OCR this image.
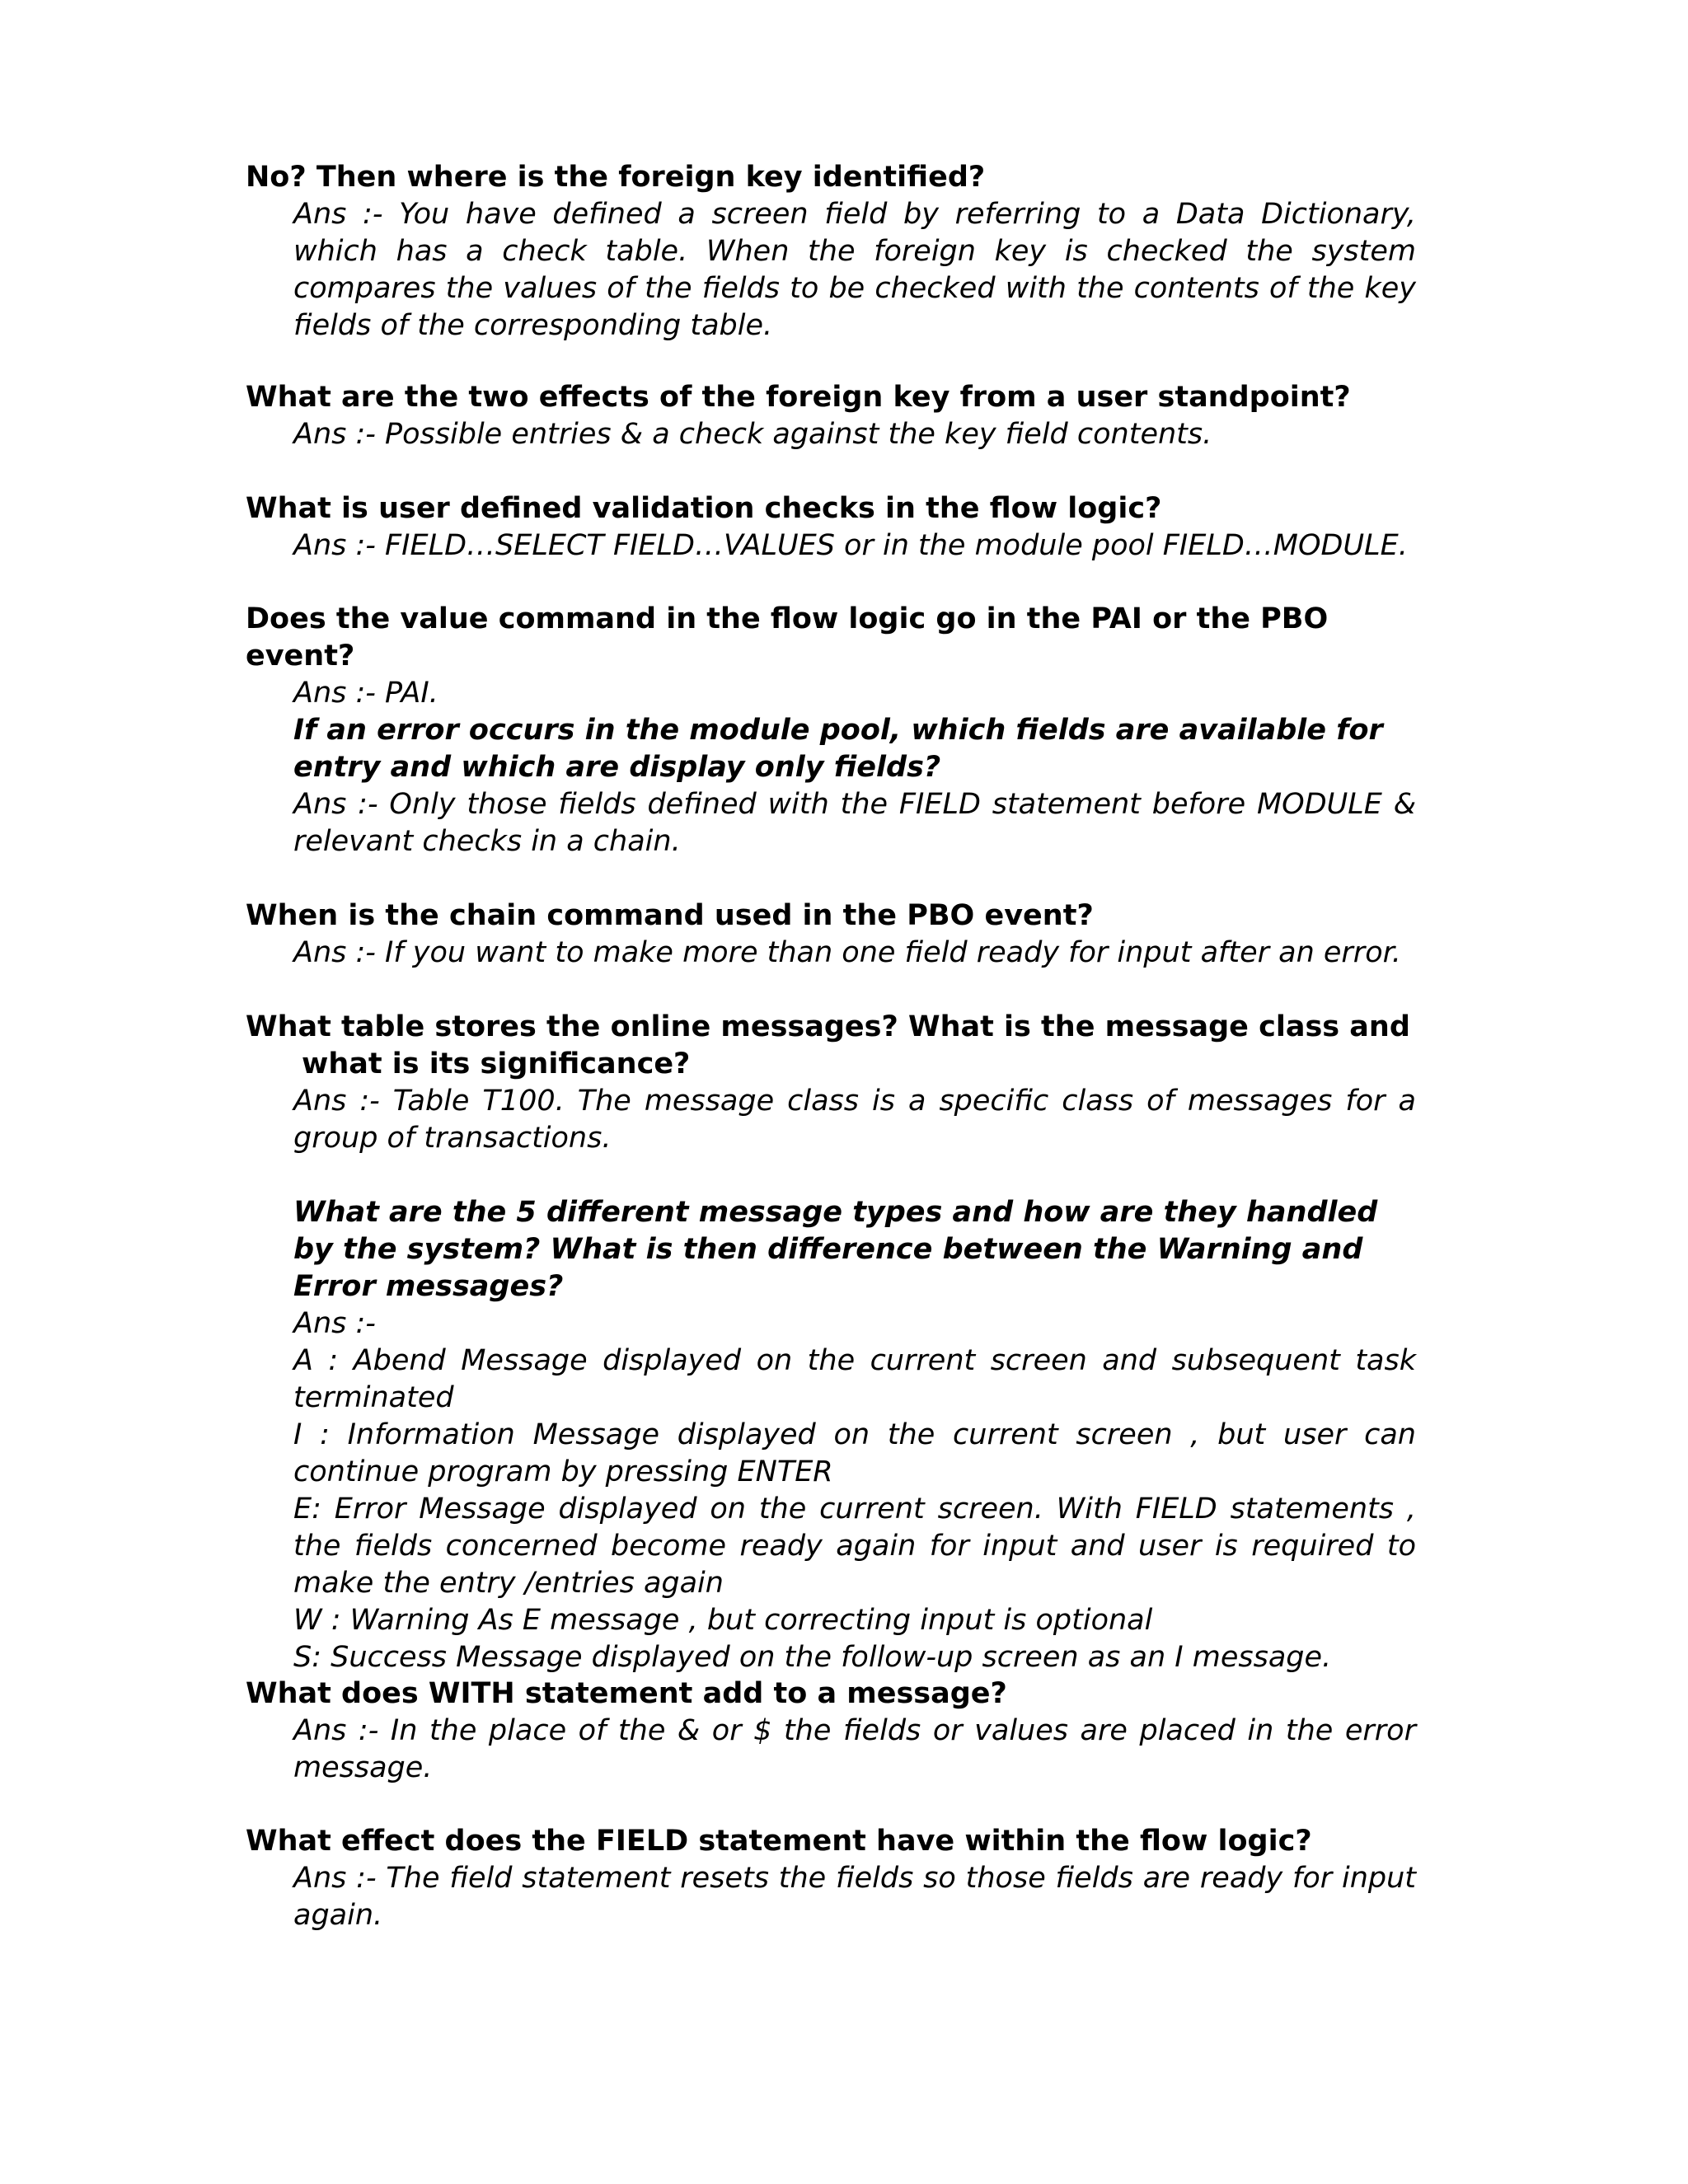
No? Then where is the foreign key identified?

Ans :- You have defined a screen field by referring to a Data Dictionary, which has a check table. When the foreign key is checked the system compares the values of the fields to be checked with the contents of the key fields of the corresponding table.

What are the two effects of the foreign key from a user standpoint?

Ans :- Possible entries & a check against the key field contents.

What is user defined validation checks in the flow logic?

Ans :- FIELD…SELECT FIELD…VALUES or in the module pool FIELD…MODULE.

Does the value command in the flow logic go in the PAI or the PBO event?

Ans :- PAI.

If an error occurs in the module pool, which fields are available for entry and which are display only fields?

Ans :- Only those fields defined with the FIELD statement before MODULE & relevant checks in a chain.

When is the chain command used in the PBO event?

Ans :- If you want to make more than one field ready for input after an error.

What table stores the online messages? What is the message class and what is its significance?

Ans :- Table T100. The message class is a specific class of messages for a group of transactions.

What are the 5 different message types and how are they handled by the system? What is then difference between the Warning and Error messages?

Ans :-
A : Abend Message displayed on the current screen and subsequent task terminated
I : Information Message displayed on the current screen , but user can continue program by pressing ENTER
E: Error Message displayed on the current screen. With FIELD statements , the fields concerned become ready again for input and user is required to make the entry /entries again
W : Warning As E message , but correcting input is optional
S: Success Message displayed on the follow-up screen as an I message.

What does WITH statement add to a message?

Ans :- In the place of the & or $ the fields or values are placed in the error message.

What effect does the FIELD statement have within the flow logic?

Ans :- The field statement resets the fields so those fields are ready for input again.
